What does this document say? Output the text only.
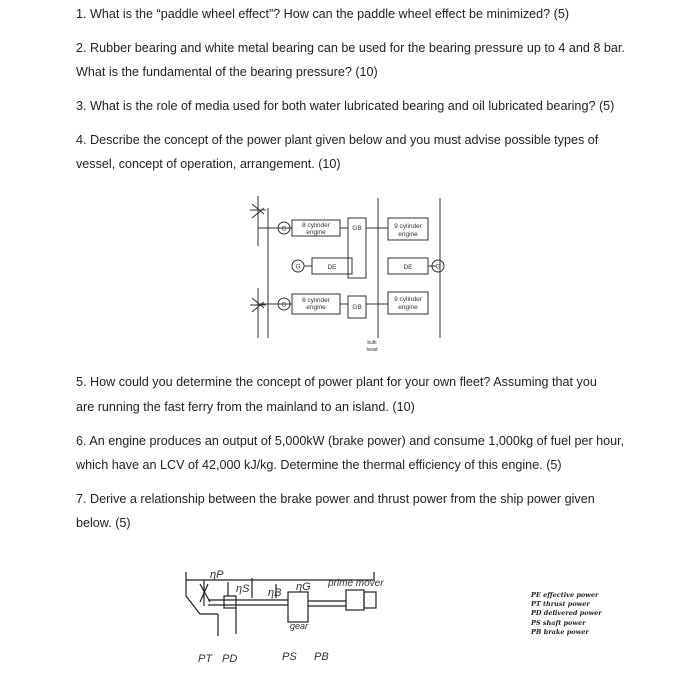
1. What is the “paddle wheel effect”? How can the paddle wheel effect be minimized? (5)
2. Rubber bearing and white metal bearing can be used for the bearing pressure up to 4 and 8 bar.
What is the fundamental of the bearing pressure? (10)
3. What is the role of media used for both water lubricated bearing and oil lubricated bearing? (5)
4. Describe the concept of the power plant given below and you must advise possible types of
vessel, concept of operation, arrangement. (10)
G 8 cylinder
engine
GB	9 cylinder
engine
G	DE	DE	G
G
6 cylinder
engine	GB
9 cylinder
engine
bulk
head
5. How could you determine the concept of power plant for your own fleet? Assuming that you
are running the fast ferry from the mainland to an island. (10)
6. An engine produces an output of 5,000kW (brake power) and consume 1,000kg of fuel per hour,
which have an LCV of 42,000 kJ/kg. Determine the thermal efficiency of this engine. (5)
7. Derive a relationship between the brake power and thrust power from the ship power given
below. (5)
ηP
ηS ηB ηG prime mover
gear
PT PD	PS PB
PE effective power
PT thrust power
PD delivered power
PS shaft power
PB brake power
